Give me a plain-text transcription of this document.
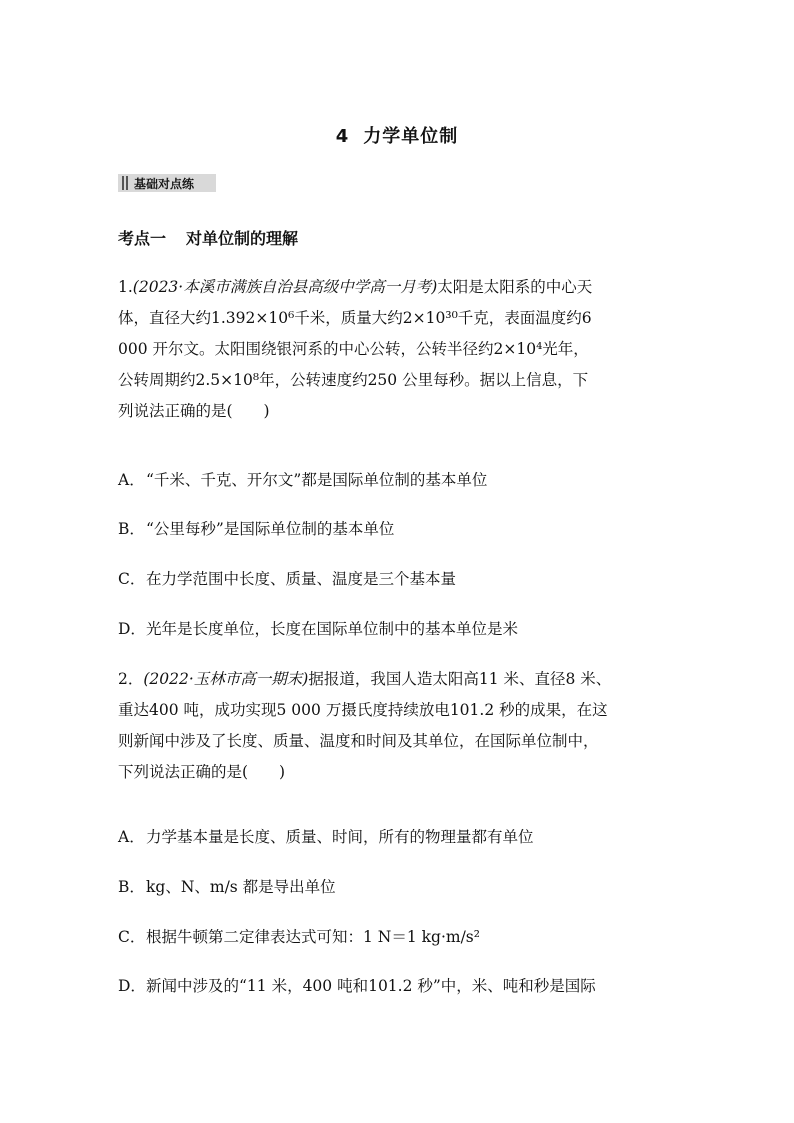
4 力学单位制
基础对点练
考点一 对单位制的理解
1.(2023·本溪市满族自治县高级中学高一月考)太阳是太阳系的中心天
体，直径大约1.392×10⁶千米，质量大约2×10³⁰千克，表面温度约6
000 开尔文。太阳围绕银河系的中心公转，公转半径约2×10⁴光年，
公转周期约2.5×10⁸年，公转速度约250 公里每秒。据以上信息，下
列说法正确的是(　　)
A．“千米、千克、开尔文”都是国际单位制的基本单位
B．“公里每秒”是国际单位制的基本单位
C．在力学范围中长度、质量、温度是三个基本量
D．光年是长度单位，长度在国际单位制中的基本单位是米
2．(2022·玉林市高一期末)据报道，我国人造太阳高11 米、直径8 米、
重达400 吨，成功实现5 000 万摄氏度持续放电101.2 秒的成果，在这
则新闻中涉及了长度、质量、温度和时间及其单位，在国际单位制中，
下列说法正确的是(　　)
A．力学基本量是长度、质量、时间，所有的物理量都有单位
B．kg、N、m/s 都是导出单位
C．根据牛顿第二定律表达式可知：1 N＝1 kg·m/s²
D．新闻中涉及的“11 米，400 吨和101.2 秒”中，米、吨和秒是国际
